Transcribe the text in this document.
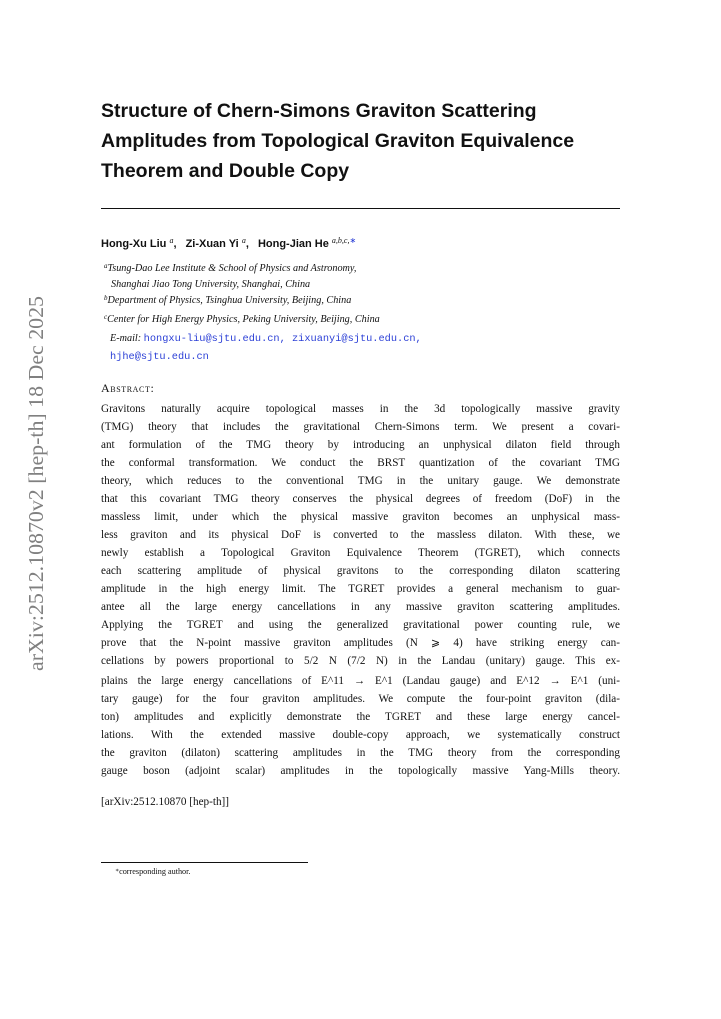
arXiv:2512.10870v2 [hep-th] 18 Dec 2025
Structure of Chern-Simons Graviton Scattering
Amplitudes from Topological Graviton Equivalence
Theorem and Double Copy
Hong-Xu Liu $^a$, Zi-Xuan Yi $^a$, Hong-Jian He $^{a,b,c,∗}$
$^a$Tsung-Dao Lee Institute & School of Physics and Astronomy,
Shanghai Jiao Tong University, Shanghai, China
$^b$Department of Physics, Tsinghua University, Beijing, China
$^c$Center for High Energy Physics, Peking University, Beijing, China
E-mail: hongxu-liu@sjtu.edu.cn, zixuanyi@sjtu.edu.cn,
hjhe@sjtu.edu.cn
Abstract:
Gravitons naturally acquire topological masses in the 3d topologically massive gravity
(TMG) theory that includes the gravitational Chern-Simons term. We present a covari-
ant formulation of the TMG theory by introducing an unphysical dilaton field through
the conformal transformation. We conduct the BRST quantization of the covariant TMG
theory, which reduces to the conventional TMG in the unitary gauge. We demonstrate
that this covariant TMG theory conserves the physical degrees of freedom (DoF) in the
massless limit, under which the physical massive graviton becomes an unphysical mass-
less graviton and its physical DoF is converted to the massless dilaton. With these, we
newly establish a Topological Graviton Equivalence Theorem (TGRET), which connects
each scattering amplitude of physical gravitons to the corresponding dilaton scattering
amplitude in the high energy limit. The TGRET provides a general mechanism to guar-
antee all the large energy cancellations in any massive graviton scattering amplitudes.
Applying the TGRET and using the generalized gravitational power counting rule, we
prove that the N-point massive graviton amplitudes (N ⩾ 4) have striking energy can-
cellations by powers proportional to 5/2 N (7/2 N) in the Landau (unitary) gauge. This ex-
plains the large energy cancellations of E^11 → E^1 (Landau gauge) and E^12 → E^1 (uni-
tary gauge) for the four graviton amplitudes. We compute the four-point graviton (dila-
ton) amplitudes and explicitly demonstrate the TGRET and these large energy cancel-
lations. With the extended massive double-copy approach, we systematically construct
the graviton (dilaton) scattering amplitudes in the TMG theory from the corresponding
gauge boson (adjoint scalar) amplitudes in the topologically massive Yang-Mills theory.
[arXiv:2512.10870 [hep-th]]
∗corresponding author.
